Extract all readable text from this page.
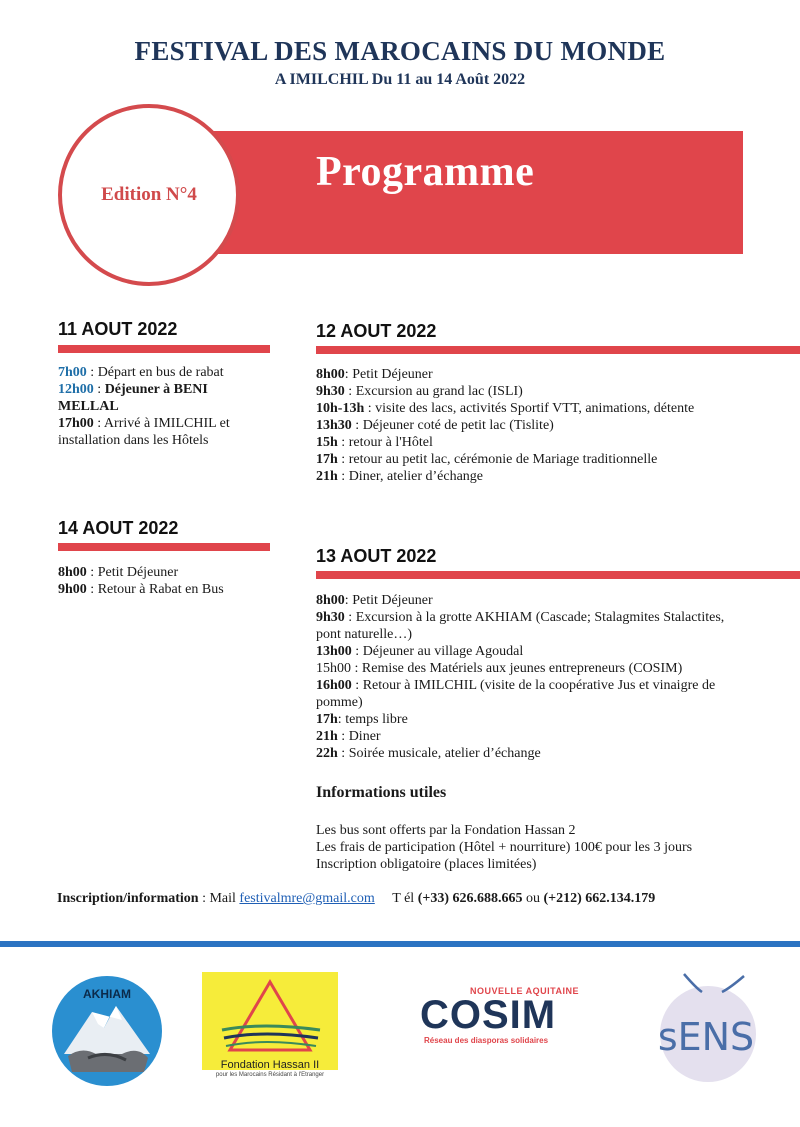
FESTIVAL DES MAROCAINS DU MONDE
A IMILCHIL Du 11 au 14 Août 2022
Programme
Edition N°4
11 AOUT 2022
7h00 : Départ en bus de rabat
12h00 : Déjeuner à BENI
MELLAL
17h00 : Arrivé à IMILCHIL et
installation dans les Hôtels
12 AOUT 2022
8h00: Petit Déjeuner
9h30 : Excursion au grand lac (ISLI)
10h-13h : visite des lacs, activités Sportif VTT, animations, détente
13h30 : Déjeuner coté de petit lac (Tislite)
15h : retour à l'Hôtel
17h : retour au petit lac, cérémonie de Mariage traditionnelle
21h : Diner, atelier d’échange
14 AOUT 2022
8h00 : Petit Déjeuner
9h00 : Retour à Rabat en Bus
13 AOUT 2022
8h00: Petit Déjeuner
9h30 : Excursion à la grotte AKHIAM (Cascade; Stalagmites Stalactites,
pont naturelle…)
13h00 : Déjeuner au village Agoudal
15h00 : Remise des Matériels aux jeunes entrepreneurs (COSIM)
16h00 : Retour à IMILCHIL (visite de la coopérative Jus et vinaigre de
pomme)
17h: temps libre
21h : Diner
22h : Soirée musicale, atelier d’échange
Informations utiles
Les bus sont offerts par la Fondation Hassan 2
Les frais de participation (Hôtel + nourriture) 100€ pour les 3 jours
Inscription obligatoire (places limitées)
Inscription/information : Mail festivalmre@gmail.com T él (+33) 626.688.665 ou (+212) 662.134.179
AKHIAM
Fondation Hassan II
pour les Marocains Résidant à l'Etranger
NOUVELLE AQUITAINE
COSIM
Réseau des diasporas solidaires	sENS
